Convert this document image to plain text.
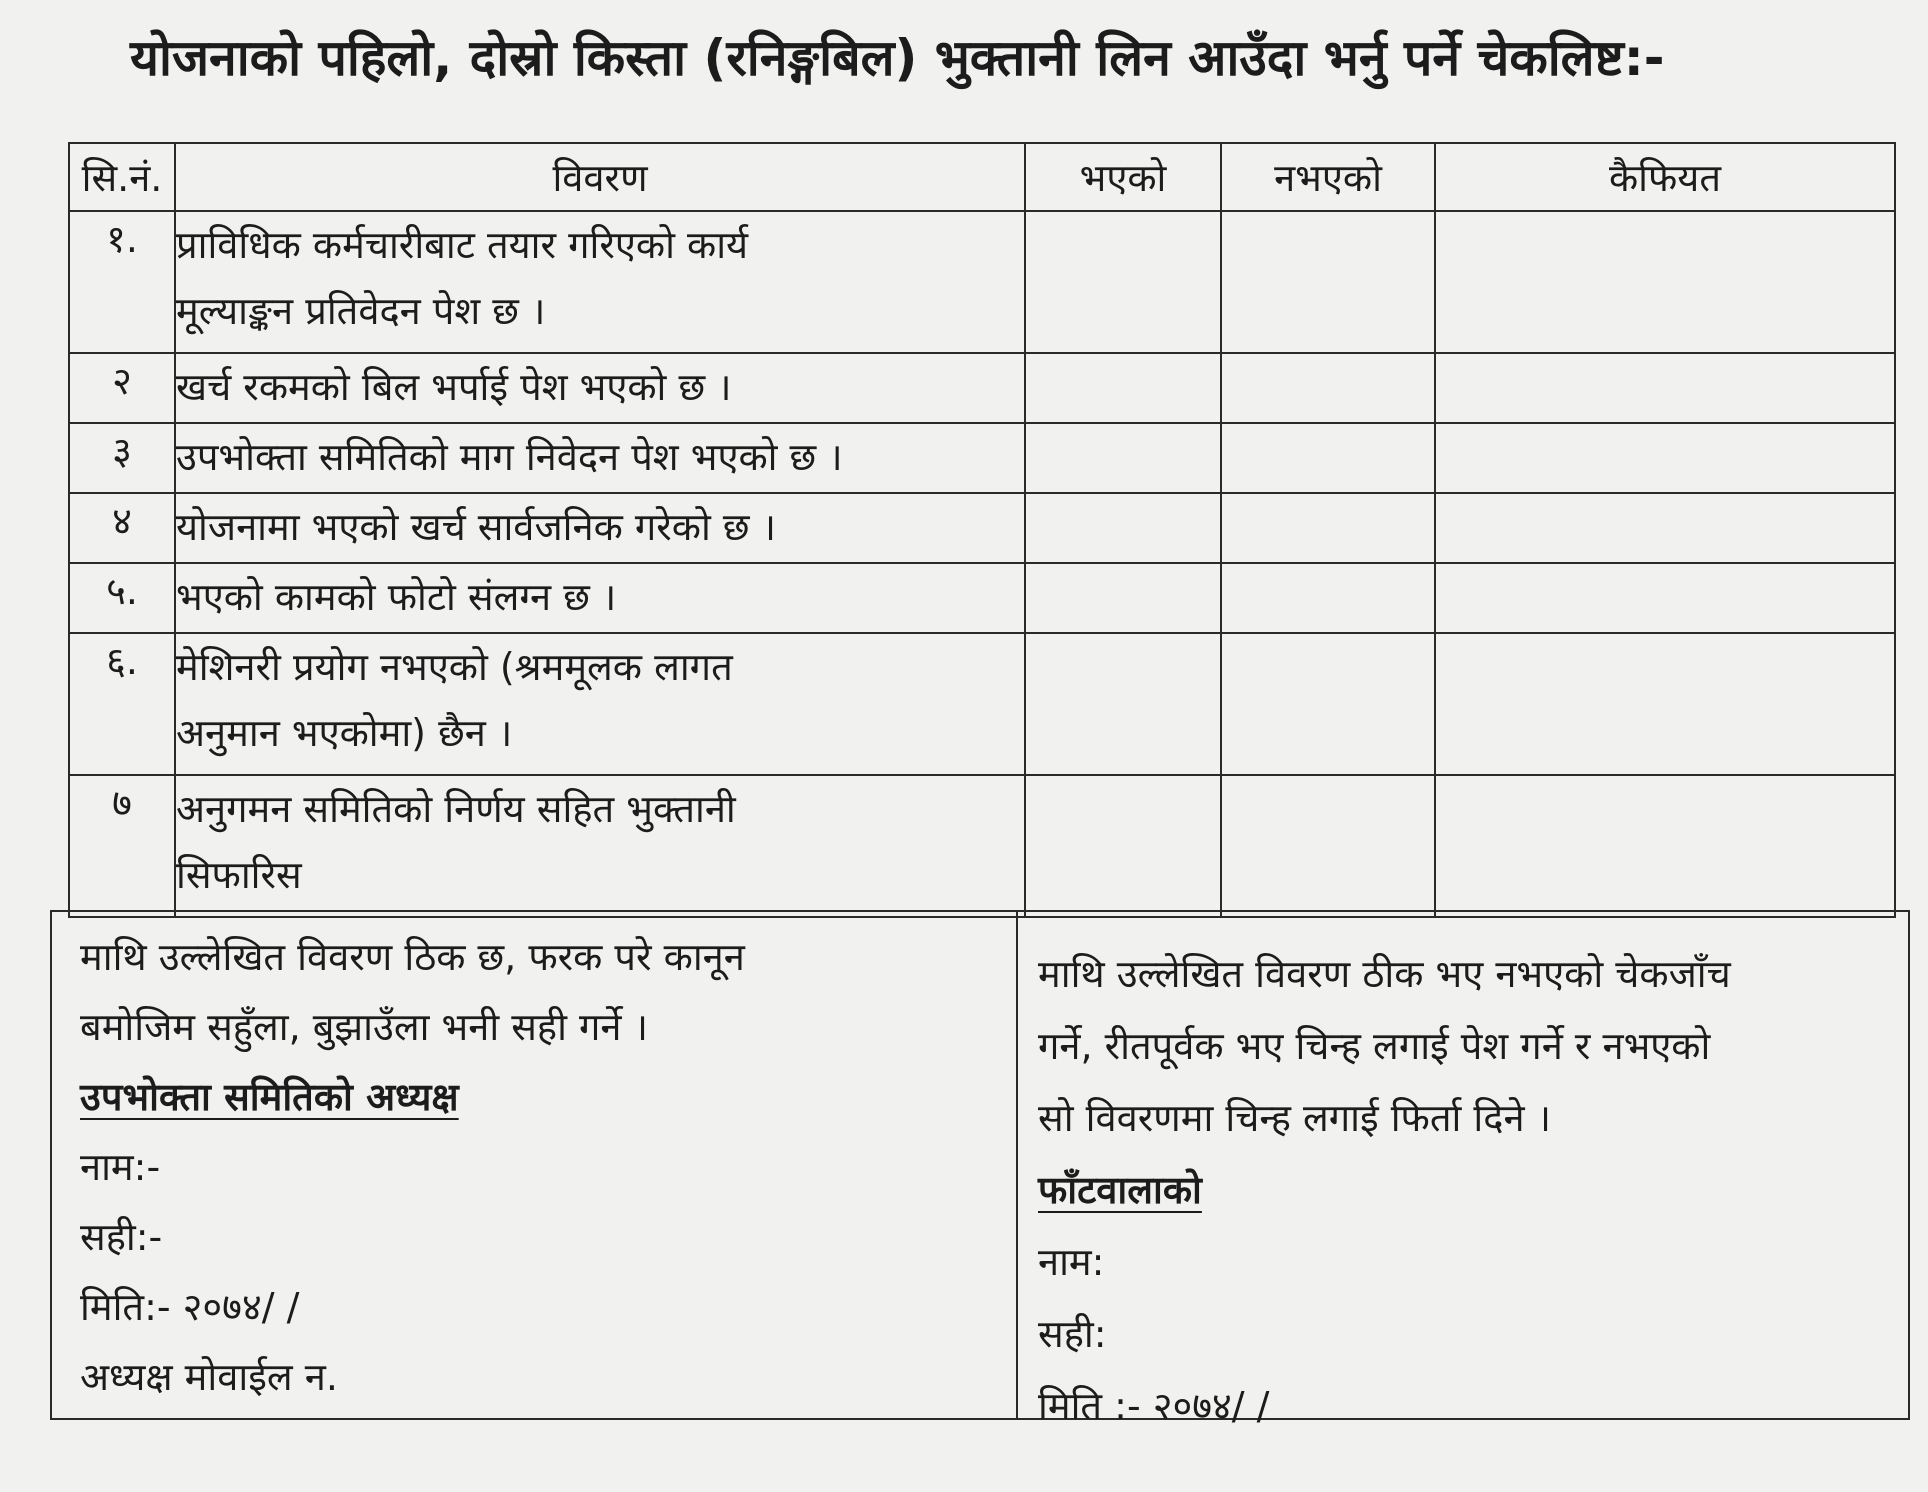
योजनाको पहिलो, दोस्रो किस्ता (रनिङ्गबिल) भुक्तानी लिन आउँदा भर्नु पर्ने चेकलिष्ट:-
सि.नं.	विवरण	भएको	नभएको	कैफियत
१.	प्राविधिक कर्मचारीबाट तयार गरिएको कार्य
मूल्याङ्कन प्रतिवेदन पेश छ ।			

२	खर्च रकमको बिल भर्पाई पेश भएको छ ।			

३	उपभोक्ता समितिको माग निवेदन पेश भएको छ ।			

४	योजनामा भएको खर्च सार्वजनिक गरेको छ ।			

५.	भएको कामको फोटो संलग्न छ ।			

६.	मेशिनरी प्रयोग नभएको (श्रममूलक लागत
अनुमान भएकोमा) छैन ।			

७	अनुगमन समितिको निर्णय सहित भुक्तानी
सिफारिस			

माथि उल्लेखित विवरण ठिक छ, फरक परे कानून
बमोजिम सहुँला, बुझाउँला भनी सही गर्ने ।
उपभोक्ता समितिको अध्यक्ष
नाम:-
सही:-
मिति:- २०७४/ /
अध्यक्ष मोवाईल न.
माथि उल्लेखित विवरण ठीक भए नभएको चेकजाँच
गर्ने, रीतपूर्वक भए चिन्ह लगाई पेश गर्ने र नभएको
सो विवरणमा चिन्ह लगाई फिर्ता दिने ।
फाँटवालाको
नाम:
सही:
मिति :- २०७४/ /
